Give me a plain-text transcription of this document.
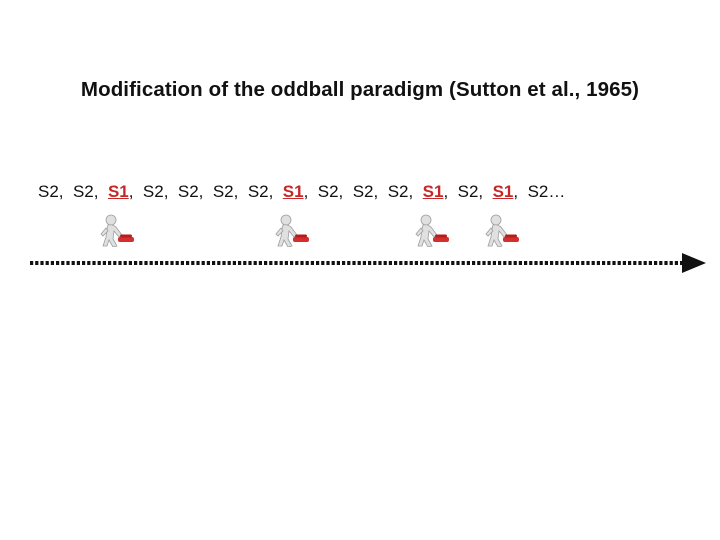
Modification of the oddball paradigm (Sutton et al., 1965)
S2,  S2,  S1,  S2,  S2,  S2,  S2,  S1,  S2,  S2,  S2,  S1,  S2,  S1,  S2…
